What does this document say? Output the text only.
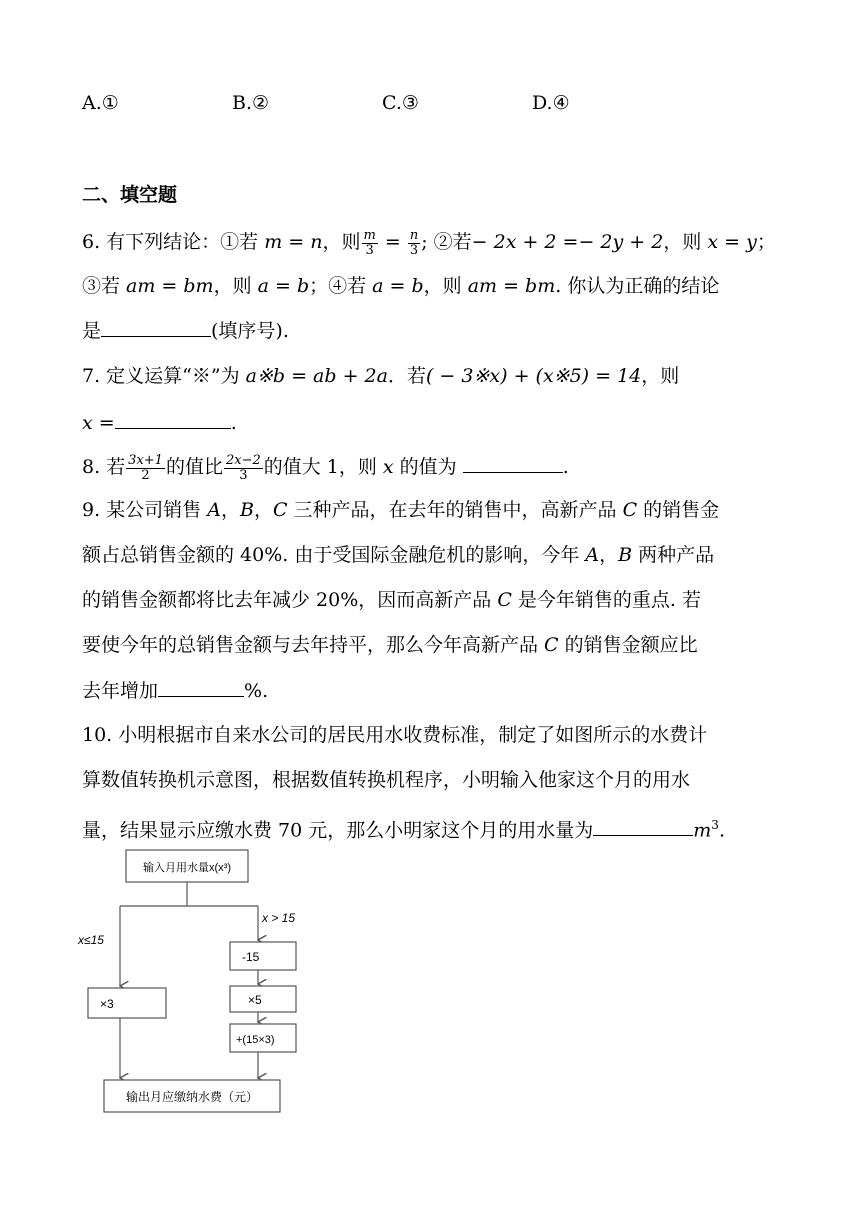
A.①	B.②	C.③	D.④
二、填空题
6. 有下列结论：①若 m = n，则 $\frac{m}{3} = \frac{n}{3}$ ; ②若− 2x + 2 =− 2y + 2，则 x = y；
③若 am = bm，则 a = b；④若 a = b，则 am = bm. 你认为正确的结论
是	(填序号).
7. 定义运算“※”为 a※b = ab + 2a．若( − 3※x) + (x※5) = 14，则
x =	.
8. 若 $\frac{3x+1}{2}$ 的值比 $\frac{2x-2}{3}$ 的值大 1，则 x 的值为	.
9. 某公司销售 A，B，C 三种产品，在去年的销售中，高新产品 C 的销售金
额占总销售金额的 40%. 由于受国际金融危机的影响，今年 A，B 两种产品
的销售金额都将比去年减少 20%，因而高新产品 C 是今年销售的重点. 若
要使今年的总销售金额与去年持平，那么今年高新产品 C 的销售金额应比
去年增加	%.
10. 小明根据市自来水公司的居民用水收费标准，制定了如图所示的水费计
算数值转换机示意图，根据数值转换机程序，小明输入他家这个月的用水
量，结果显示应缴水费 70 元，那么小明家这个月的用水量为	$m^3$.
输入月用水量x(x³)
x≤15
x > 15
×3
-15
×5
+(15×3)
输出月应缴纳水费（元）
